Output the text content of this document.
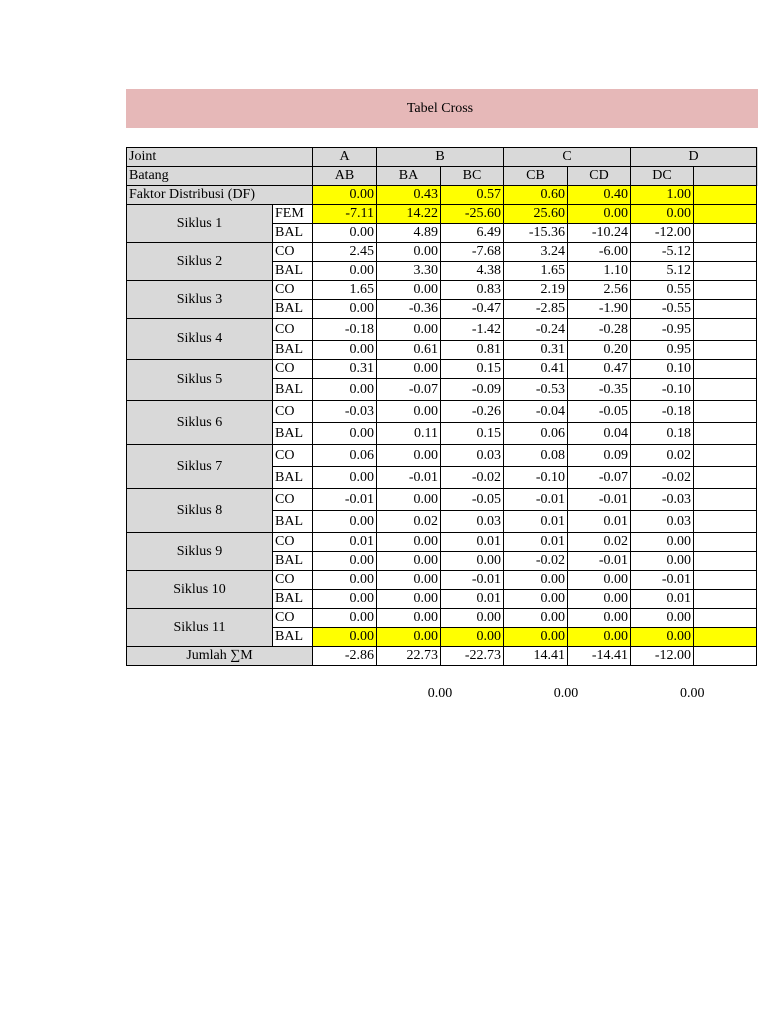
Tabel Cross
Joint		A	B		C		D	
Batang		AB	BA	BC	CB	CD	DC	
Faktor Distribusi (DF)		0.00	0.43	0.57	0.60	0.40	1.00	
Siklus 1	FEM	-7.11	14.22	-25.60	25.60	0.00	0.00	
	BAL	0.00	4.89	6.49	-15.36	-10.24	-12.00	
Siklus 2	CO	2.45	0.00	-7.68	3.24	-6.00	-5.12	
	BAL	0.00	3.30	4.38	1.65	1.10	5.12	
Siklus 3	CO	1.65	0.00	0.83	2.19	2.56	0.55	
	BAL	0.00	-0.36	-0.47	-2.85	-1.90	-0.55	
Siklus 4	CO	-0.18	0.00	-1.42	-0.24	-0.28	-0.95	
	BAL	0.00	0.61	0.81	0.31	0.20	0.95	
Siklus 5	CO	0.31	0.00	0.15	0.41	0.47	0.10	
	BAL	0.00	-0.07	-0.09	-0.53	-0.35	-0.10	
Siklus 6	CO	-0.03	0.00	-0.26	-0.04	-0.05	-0.18	
	BAL	0.00	0.11	0.15	0.06	0.04	0.18	
Siklus 7	CO	0.06	0.00	0.03	0.08	0.09	0.02	
	BAL	0.00	-0.01	-0.02	-0.10	-0.07	-0.02	
Siklus 8	CO	-0.01	0.00	-0.05	-0.01	-0.01	-0.03	
	BAL	0.00	0.02	0.03	0.01	0.01	0.03	
Siklus 9	CO	0.01	0.00	0.01	0.01	0.02	0.00	
	BAL	0.00	0.00	0.00	-0.02	-0.01	0.00	
Siklus 10	CO	0.00	0.00	-0.01	0.00	0.00	-0.01	
	BAL	0.00	0.00	0.01	0.00	0.00	0.01	
Siklus 11	CO	0.00	0.00	0.00	0.00	0.00	0.00	
	BAL	0.00	0.00	0.00	0.00	0.00	0.00	
Jumlah ∑M		-2.86	22.73	-22.73	14.41	-14.41	-12.00	
0.00	0.00	0.00
